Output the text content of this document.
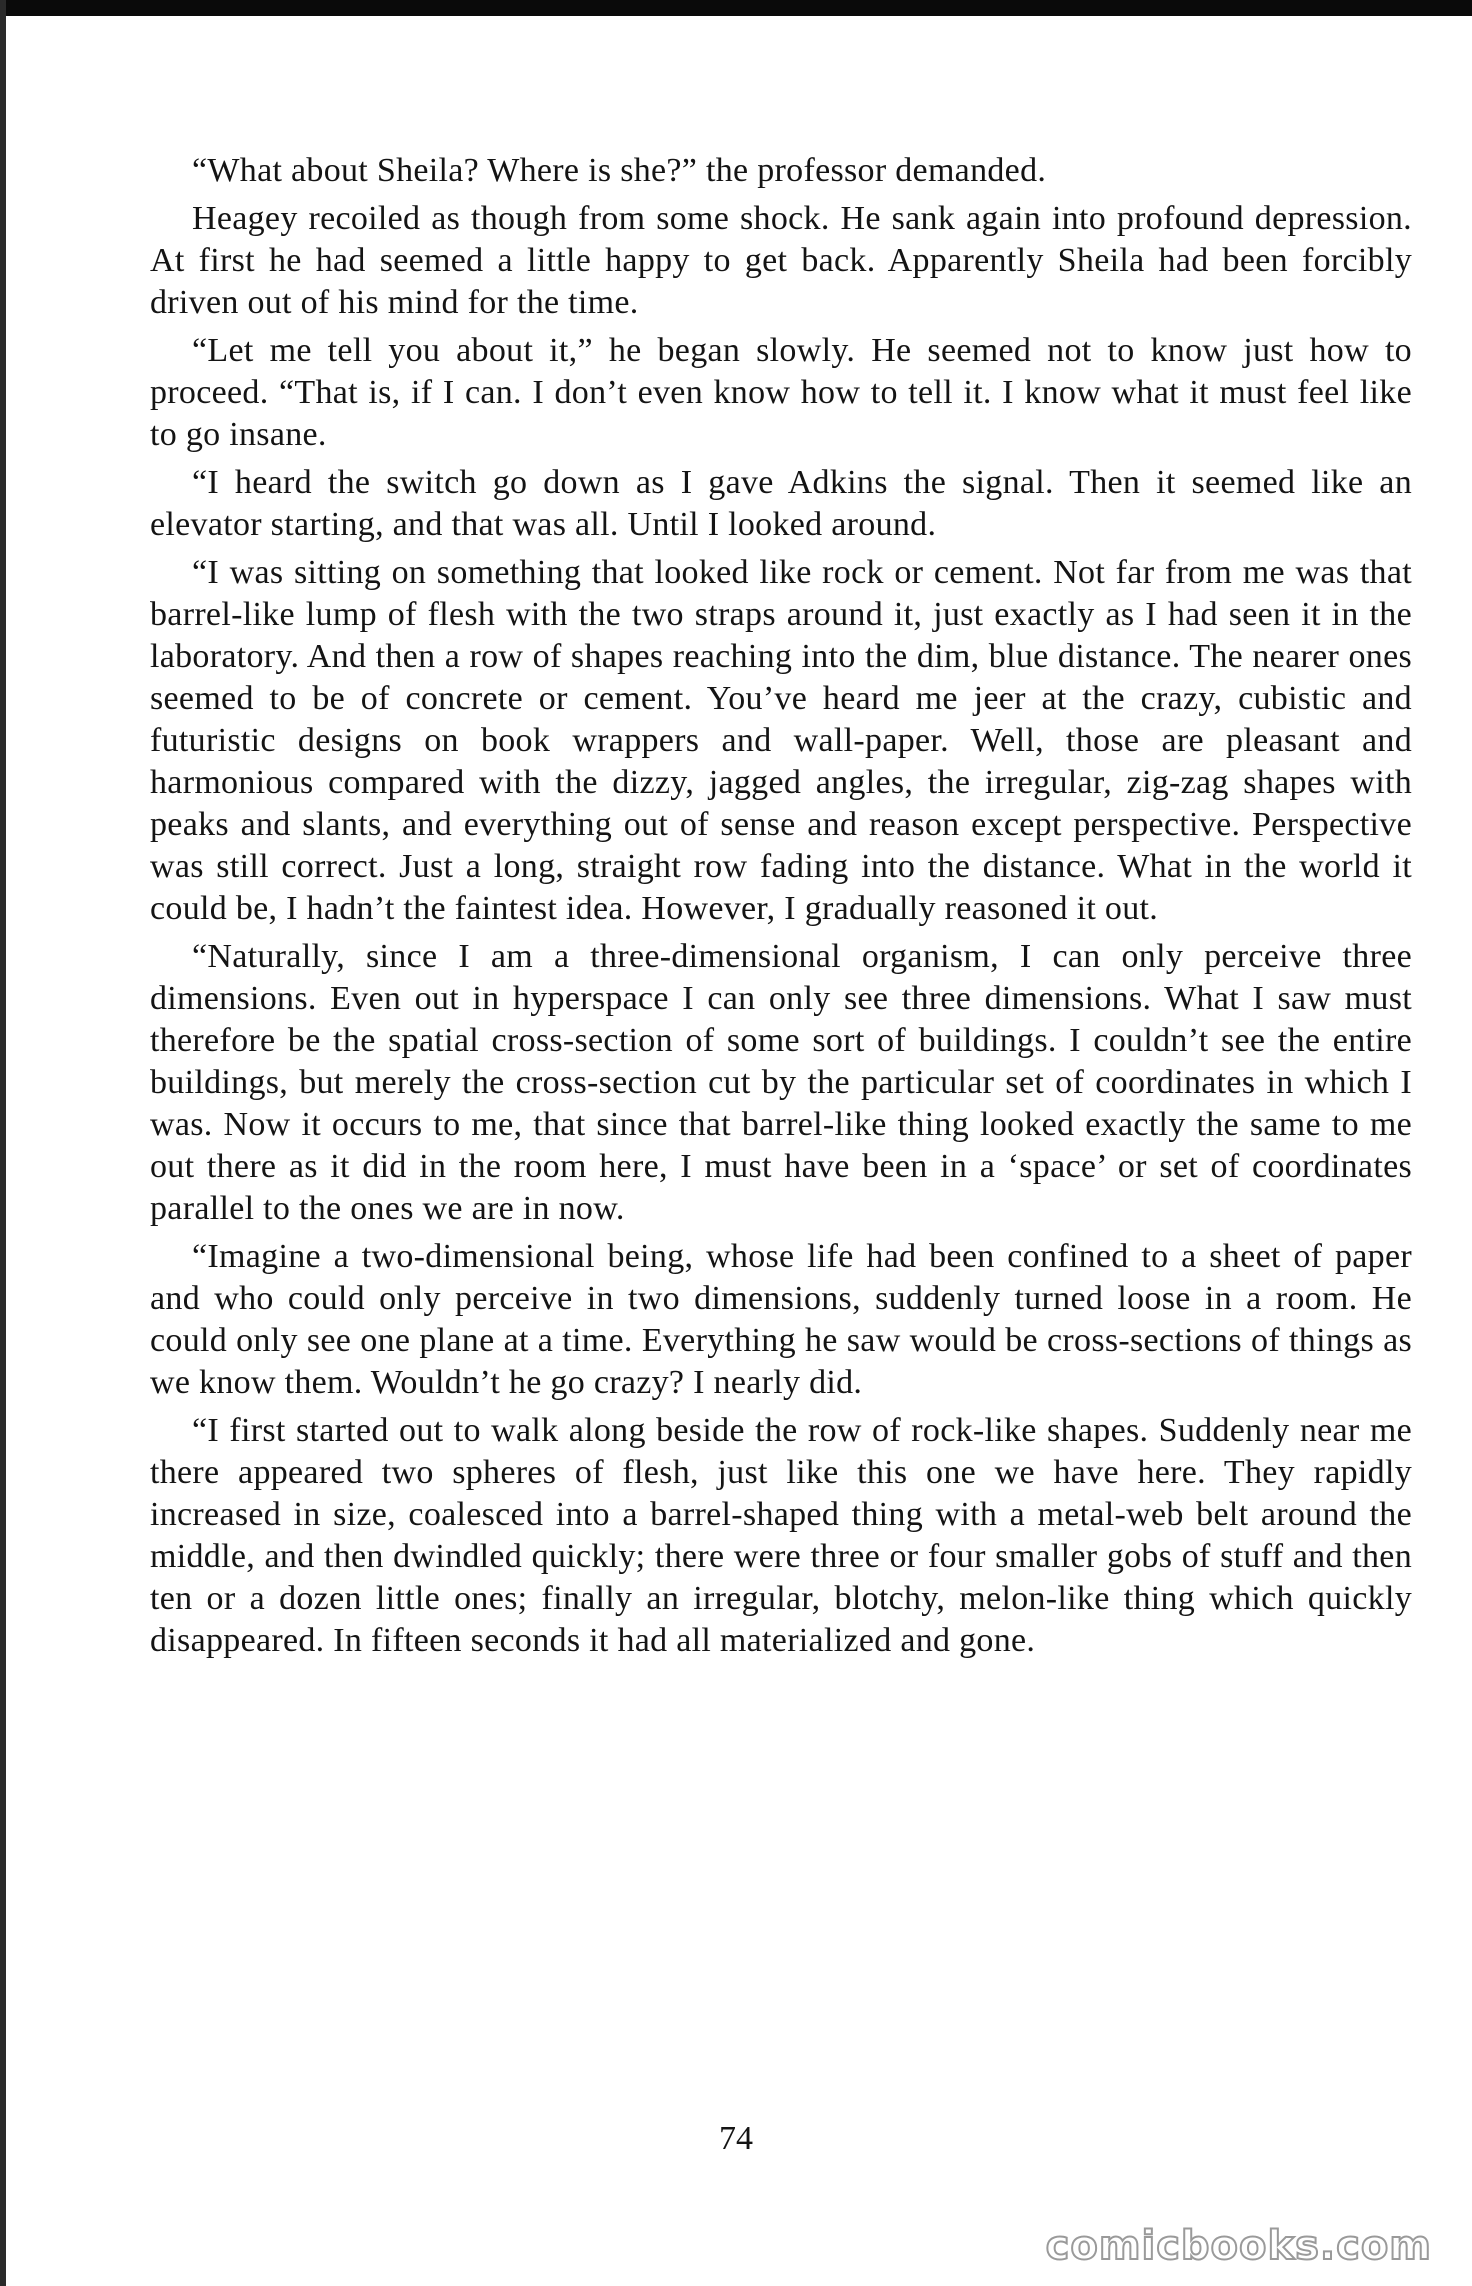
“What about Sheila? Where is she?” the professor demanded.

Heagey recoiled as though from some shock. He sank again into profound depression. At first he had seemed a little happy to get back. Apparently Sheila had been forcibly driven out of his mind for the time.

“Let me tell you about it,” he began slowly. He seemed not to know just how to proceed. “That is, if I can. I don’t even know how to tell it. I know what it must feel like to go insane.

“I heard the switch go down as I gave Adkins the signal. Then it seemed like an elevator starting, and that was all. Until I looked around.

“I was sitting on something that looked like rock or cement. Not far from me was that barrel-like lump of flesh with the two straps around it, just exactly as I had seen it in the laboratory. And then a row of shapes reaching into the dim, blue distance. The nearer ones seemed to be of concrete or cement. You’ve heard me jeer at the crazy, cubistic and futuristic designs on book wrappers and wall-paper. Well, those are pleasant and harmonious compared with the dizzy, jagged angles, the irregular, zig-zag shapes with peaks and slants, and everything out of sense and reason except perspective. Perspective was still correct. Just a long, straight row fading into the distance. What in the world it could be, I hadn’t the faintest idea. However, I gradually reasoned it out.

“Naturally, since I am a three-dimensional organism, I can only perceive three dimensions. Even out in hyperspace I can only see three dimensions. What I saw must therefore be the spatial cross-section of some sort of buildings. I couldn’t see the entire buildings, but merely the cross-section cut by the particular set of coordinates in which I was. Now it occurs to me, that since that barrel-like thing looked exactly the same to me out there as it did in the room here, I must have been in a ‘space’ or set of coordinates parallel to the ones we are in now.

“Imagine a two-dimensional being, whose life had been confined to a sheet of paper and who could only perceive in two dimensions, suddenly turned loose in a room. He could only see one plane at a time. Everything he saw would be cross-sections of things as we know them. Wouldn’t he go crazy? I nearly did.

“I first started out to walk along beside the row of rock-like shapes. Suddenly near me there appeared two spheres of flesh, just like this one we have here. They rapidly increased in size, coalesced into a barrel-shaped thing with a metal-web belt around the middle, and then dwindled quickly; there were three or four smaller gobs of stuff and then ten or a dozen little ones; finally an irregular, blotchy, melon-like thing which quickly disappeared. In fifteen seconds it had all materialized and gone.

74
comicbooks.com
